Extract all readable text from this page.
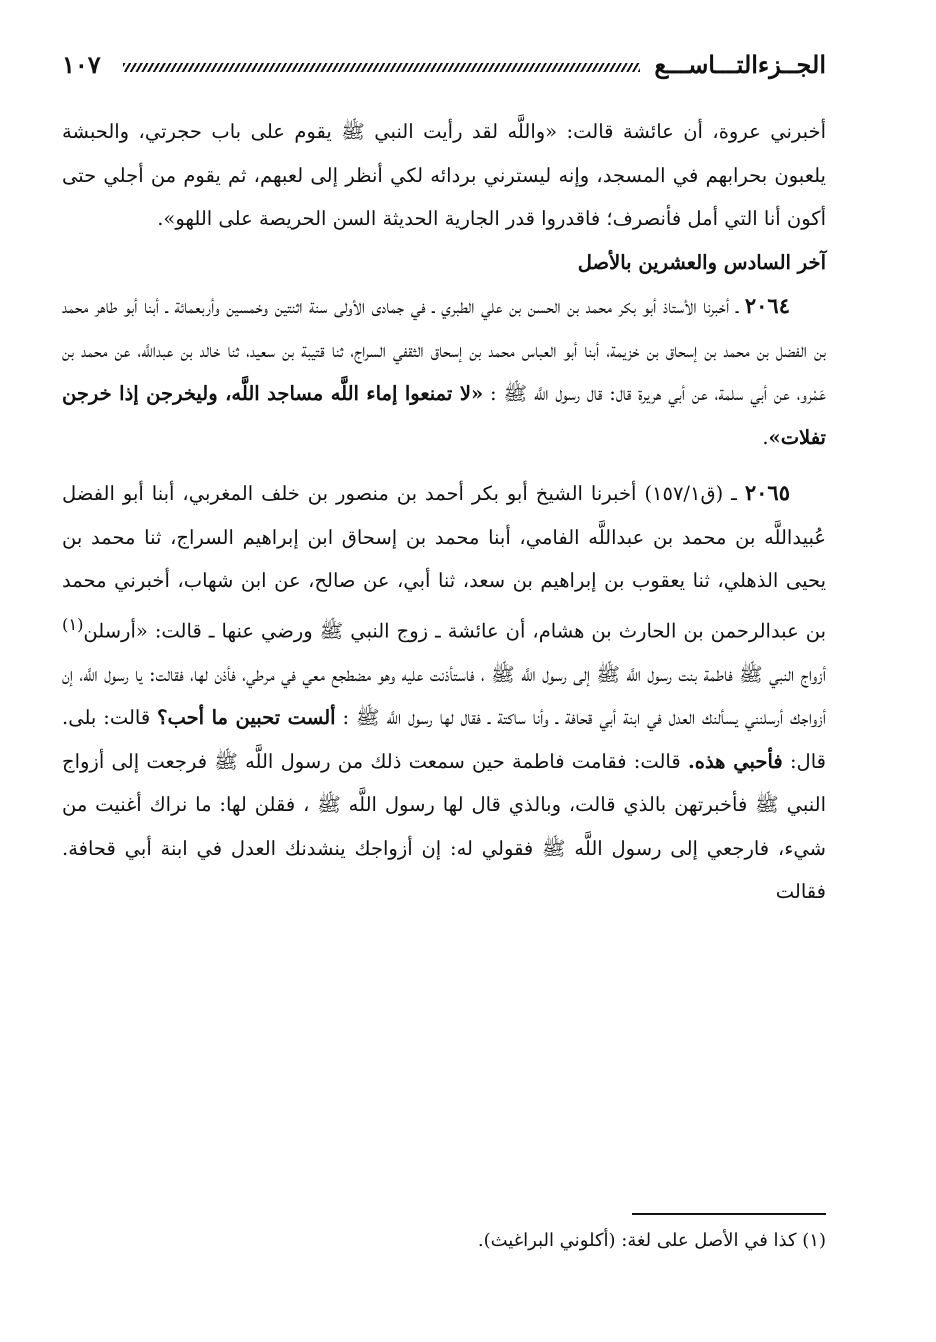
الجــزءالتـــاســـع
١٠٧

أخبرني عروة، أن عائشة قالت: «واللَّه لقد رأيت النبي ﷺ يقوم على باب حجرتي، والحبشة يلعبون بحرابهم في المسجد، وإنه ليسترني بردائه لكي أنظر إلى لعبهم، ثم يقوم من أجلي حتى أكون أنا التي أمل فأنصرف؛ فاقدروا قدر الجارية الحديثة السن الحريصة على اللهو».

آخر السادس والعشرين بالأصل

٢٠٦٤ ـ أخبرنا الأستاذ أبو بكر محمد بن الحسن بن علي الطبري ـ في جمادى الأولى سنة اثنتين وخمسين وأربعمائة ـ أبنا أبو طاهر محمد بن الفضل بن محمد بن إسحاق بن خزيمة، أبنا أبو العباس محمد بن إسحاق الثقفي السراج، ثنا قتيبة بن سعيد، ثنا خالد بن عبداللَّه، عن محمد بن عَمْرو، عن أبي سلمة، عن أبي هريرة قال: قال رسول اللَّه ﷺ : «لا تمنعوا إماء اللَّه مساجد اللَّه، وليخرجن إذا خرجن تفلات».

٢٠٦٥ ـ (ق١٥٧/١) أخبرنا الشيخ أبو بكر أحمد بن منصور بن خلف المغربي، أبنا أبو الفضل عُبيداللَّه بن محمد بن عبداللَّه الفامي، أبنا محمد بن إسحاق ابن إبراهيم السراج، ثنا محمد بن يحيى الذهلي، ثنا يعقوب بن إبراهيم بن سعد، ثنا أبي، عن صالح، عن ابن شهاب، أخبرني محمد بن عبدالرحمن بن الحارث بن هشام، أن عائشة ـ زوج النبي ﷺ ورضي عنها ـ قالت: «أرسلن$^{(١)}$ أزواج النبي ﷺ فاطمة بنت رسول اللَّه ﷺ إلى رسول اللَّه ﷺ ، فاستأذنت عليه وهو مضطجع معي في مرطي، فأذن لها، فقالت: يا رسول اللَّه، إن أزواجك أرسلنني يسألنك العدل في ابنة أبي قحافة ـ وأنا ساكتة ـ فقال لها رسول اللَّه ﷺ : ألست تحبين ما أحب؟ قالت: بلى. قال: فأحبي هذه. قالت: فقامت فاطمة حين سمعت ذلك من رسول اللَّه ﷺ فرجعت إلى أزواج النبي ﷺ فأخبرتهن بالذي قالت، وبالذي قال لها رسول اللَّه ﷺ ، فقلن لها: ما نراك أغنيت من شيء، فارجعي إلى رسول اللَّه ﷺ فقولي له: إن أزواجك ينشدنك العدل في ابنة أبي قحافة. فقالت

(١) كذا في الأصل على لغة: (أكلوني البراغيث).
